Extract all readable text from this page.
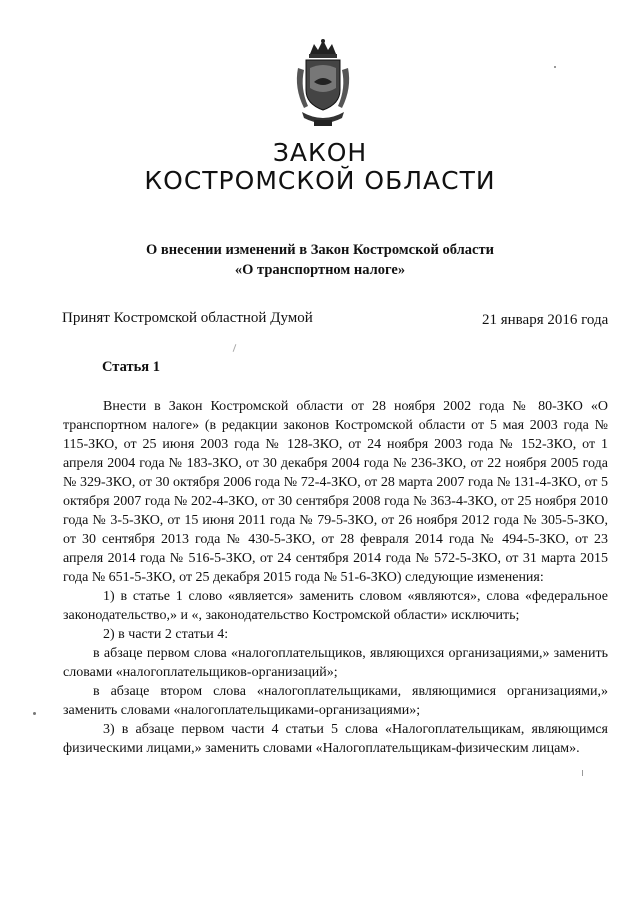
ЗАКОН
КОСТРОМСКОЙ ОБЛАСТИ
О внесении изменений в Закон Костромской области
«О транспортном налоге»
Принят Костромской областной Думой	21 января 2016 года
Статья 1

Внести в Закон Костромской области от 28 ноября 2002 года № 80-ЗКО «О транспортном налоге» (в редакции законов Костромской области от 5 мая 2003 года № 115-ЗКО, от 25 июня 2003 года № 128-ЗКО, от 24 ноября 2003 года № 152-ЗКО, от 1 апреля 2004 года № 183-ЗКО, от 30 декабря 2004 года № 236-ЗКО, от 22 ноября 2005 года № 329-ЗКО, от 30 октября 2006 года № 72-4-ЗКО, от 28 марта 2007 года № 131-4-ЗКО, от 5 октября 2007 года № 202-4-ЗКО, от 30 сентября 2008 года № 363-4-ЗКО, от 25 ноября 2010 года № 3-5-ЗКО, от 15 июня 2011 года № 79-5-ЗКО, от 26 ноября 2012 года № 305-5-ЗКО, от 30 сентября 2013 года № 430-5-ЗКО, от 28 февраля 2014 года № 494-5-ЗКО, от 23 апреля 2014 года № 516-5-ЗКО, от 24 сентября 2014 года № 572-5-ЗКО, от 31 марта 2015 года № 651-5-ЗКО, от 25 декабря 2015 года № 51-6-ЗКО) следующие изменения:

1) в статье 1 слово «является» заменить словом «являются», слова «федеральное законодательство,» и «, законодательство Костромской области» исключить;

2) в части 2 статьи 4:

в абзаце первом слова «налогоплательщиков, являющихся организациями,» заменить словами «налогоплательщиков-организаций»;

в абзаце втором слова «налогоплательщиками, являющимися организациями,» заменить словами «налогоплательщиками-организациями»;

3) в абзаце первом части 4 статьи 5 слова «Налогоплательщикам, являющимся физическими лицами,» заменить словами «Налогоплательщикам-физическим лицам».
